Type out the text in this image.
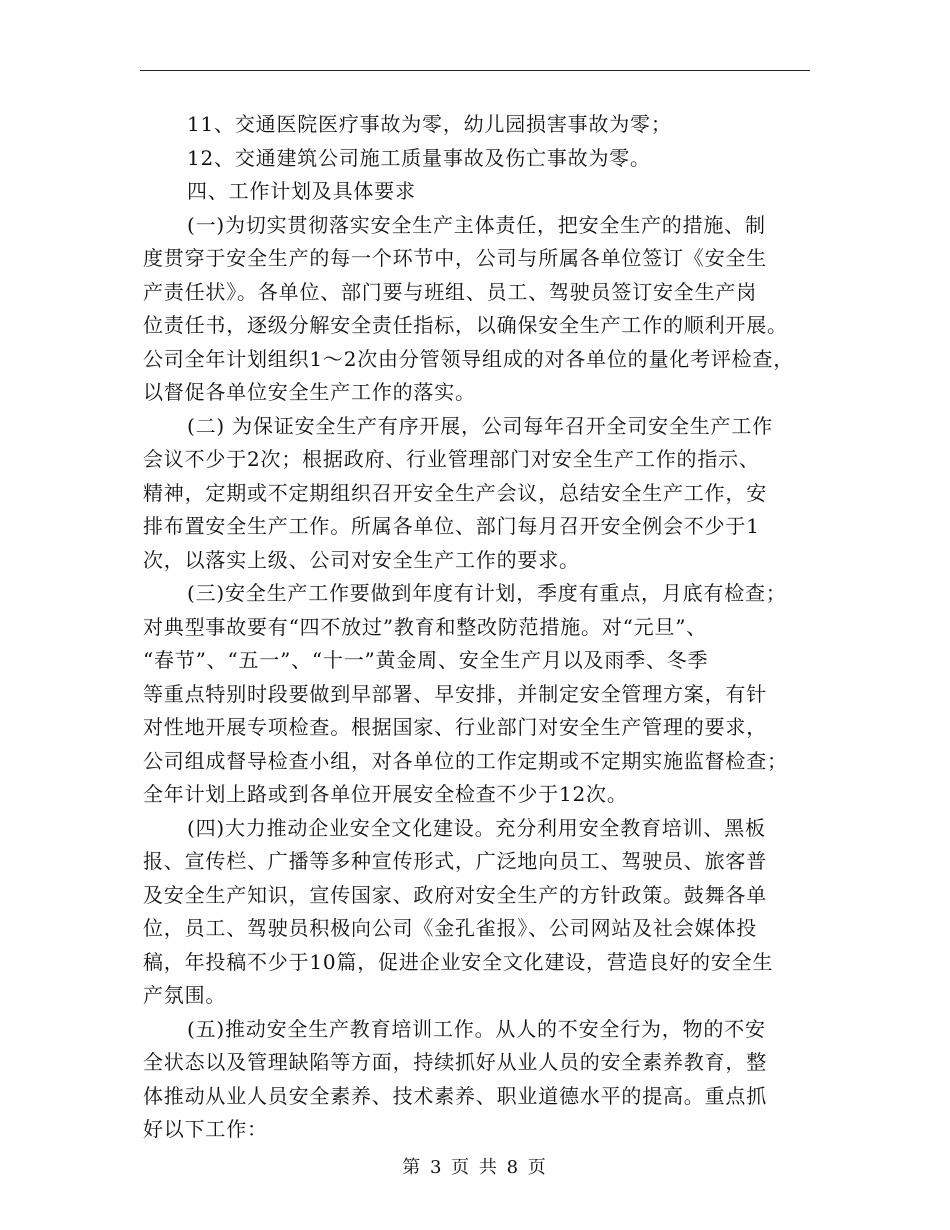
11、交通医院医疗事故为零，幼儿园损害事故为零；
12、交通建筑公司施工质量事故及伤亡事故为零。
四、工作计划及具体要求
(一)为切实贯彻落实安全生产主体责任，把安全生产的措施、制
度贯穿于安全生产的每一个环节中，公司与所属各单位签订《安全生
产责任状》。各单位、部门要与班组、员工、驾驶员签订安全生产岗
位责任书，逐级分解安全责任指标，以确保安全生产工作的顺利开展。
公司全年计划组织1～2次由分管领导组成的对各单位的量化考评检查，
以督促各单位安全生产工作的落实。
(二) 为保证安全生产有序开展，公司每年召开全司安全生产工作
会议不少于2次；根据政府、行业管理部门对安全生产工作的指示、
精神，定期或不定期组织召开安全生产会议，总结安全生产工作，安
排布置安全生产工作。所属各单位、部门每月召开安全例会不少于1
次，以落实上级、公司对安全生产工作的要求。
(三)安全生产工作要做到年度有计划，季度有重点，月底有检查；
对典型事故要有“四不放过”教育和整改防范措施。对“元旦”、
“春节”、“五一”、“十一”黄金周、安全生产月以及雨季、冬季
等重点特别时段要做到早部署、早安排，并制定安全管理方案，有针
对性地开展专项检查。根据国家、行业部门对安全生产管理的要求，
公司组成督导检查小组，对各单位的工作定期或不定期实施监督检查；
全年计划上路或到各单位开展安全检查不少于12次。
(四)大力推动企业安全文化建设。充分利用安全教育培训、黑板
报、宣传栏、广播等多种宣传形式，广泛地向员工、驾驶员、旅客普
及安全生产知识，宣传国家、政府对安全生产的方针政策。鼓舞各单
位，员工、驾驶员积极向公司《金孔雀报》、公司网站及社会媒体投
稿，年投稿不少于10篇，促进企业安全文化建设，营造良好的安全生
产氛围。
(五)推动安全生产教育培训工作。从人的不安全行为，物的不安
全状态以及管理缺陷等方面，持续抓好从业人员的安全素养教育，整
体推动从业人员安全素养、技术素养、职业道德水平的提高。重点抓
好以下工作：
第 3 页 共 8 页
